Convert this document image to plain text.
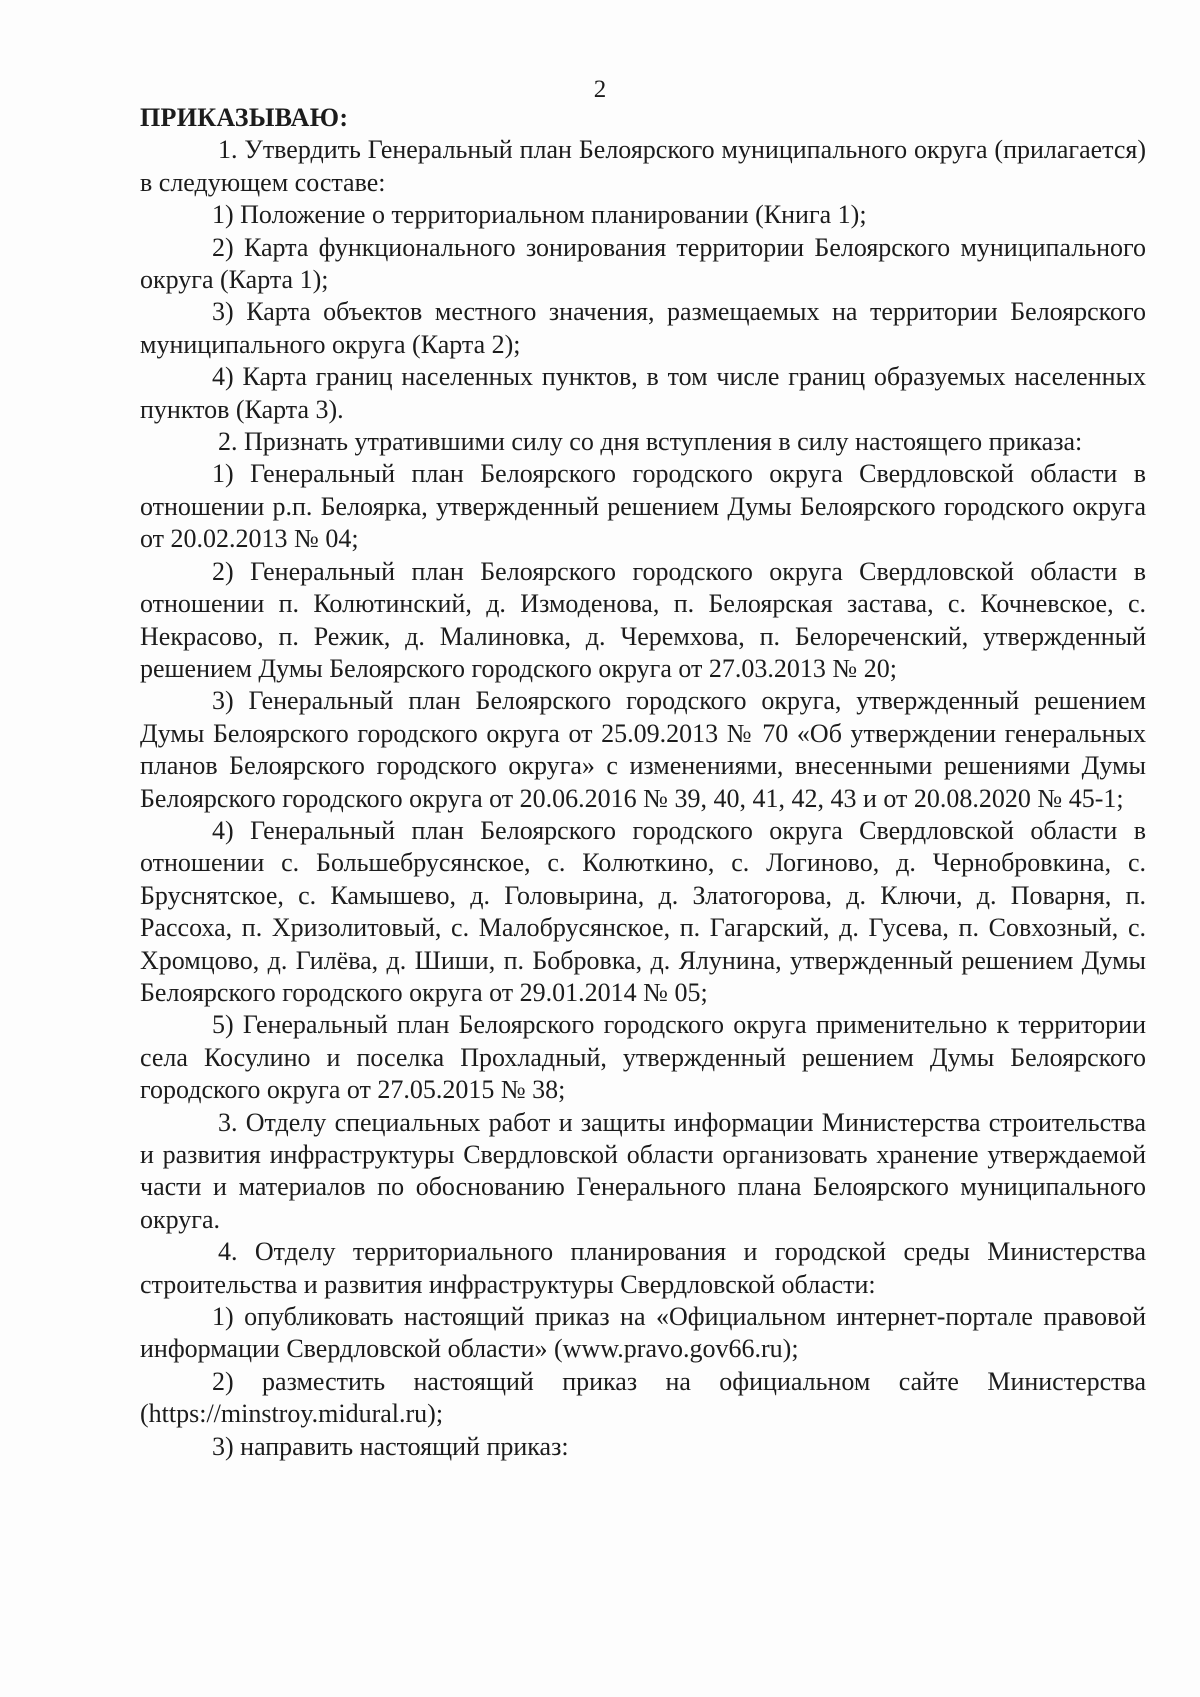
2

ПРИКАЗЫВАЮ:

1. Утвердить Генеральный план Белоярского муниципального округа (прилагается) в следующем составе:

1) Положение о территориальном планировании (Книга 1);

2) Карта функционального зонирования территории Белоярского муниципального округа (Карта 1);

3) Карта объектов местного значения, размещаемых на территории Белоярского муниципального округа (Карта 2);

4) Карта границ населенных пунктов, в том числе границ образуемых населенных пунктов (Карта 3).

2. Признать утратившими силу со дня вступления в силу настоящего приказа:

1) Генеральный план Белоярского городского округа Свердловской области в отношении р.п. Белоярка, утвержденный решением Думы Белоярского городского округа от 20.02.2013 № 04;

2) Генеральный план Белоярского городского округа Свердловской области в отношении п. Колютинский, д. Измоденова, п. Белоярская застава, с. Кочневское, с. Некрасово, п. Режик, д. Малиновка, д. Черемхова, п. Белореченский, утвержденный решением Думы Белоярского городского округа от 27.03.2013 № 20;

3) Генеральный план Белоярского городского округа, утвержденный решением Думы Белоярского городского округа от 25.09.2013 № 70 «Об утверждении генеральных планов Белоярского городского округа» с изменениями, внесенными решениями Думы Белоярского городского округа от 20.06.2016 № 39, 40, 41, 42, 43 и от 20.08.2020 № 45-1;

4) Генеральный план Белоярского городского округа Свердловской области в отношении с. Большебрусянское, с. Колюткино, с. Логиново, д. Чернобровкина, с. Бруснятское, с. Камышево, д. Головырина, д. Златогорова, д. Ключи, д. Поварня, п. Рассоха, п. Хризолитовый, с. Малобрусянское, п. Гагарский, д. Гусева, п. Совхозный, с. Хромцово, д. Гилёва, д. Шиши, п. Бобровка, д. Ялунина, утвержденный решением Думы Белоярского городского округа от 29.01.2014 № 05;

5) Генеральный план Белоярского городского округа применительно к территории села Косулино и поселка Прохладный, утвержденный решением Думы Белоярского городского округа от 27.05.2015 № 38;

3. Отделу специальных работ и защиты информации Министерства строительства и развития инфраструктуры Свердловской области организовать хранение утверждаемой части и материалов по обоснованию Генерального плана Белоярского муниципального округа.

4. Отделу территориального планирования и городской среды Министерства строительства и развития инфраструктуры Свердловской области:

1) опубликовать настоящий приказ на «Официальном интернет-портале правовой информации Свердловской области» (www.pravo.gov66.ru);

2) разместить настоящий приказ на официальном сайте Министерства (https://minstroy.midural.ru);

3) направить настоящий приказ:
